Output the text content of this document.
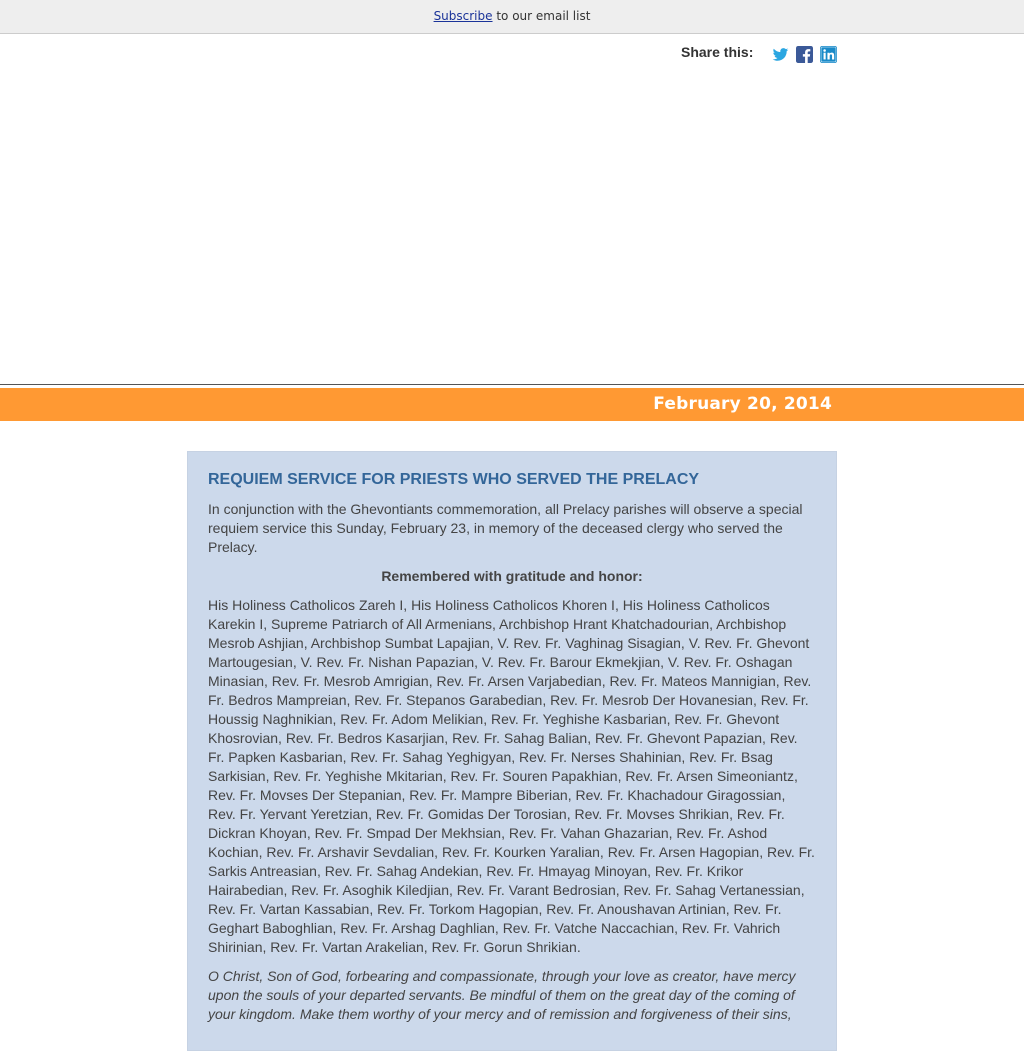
Subscribe to our email list
Share this:
February 20, 2014
REQUIEM SERVICE FOR PRIESTS WHO SERVED THE PRELACY

In conjunction with the Ghevontiants commemoration, all Prelacy parishes will observe a special requiem service this Sunday, February 23, in memory of the deceased clergy who served the Prelacy.

Remembered with gratitude and honor:

His Holiness Catholicos Zareh I, His Holiness Catholicos Khoren I, His Holiness Catholicos Karekin I, Supreme Patriarch of All Armenians, Archbishop Hrant Khatchadourian, Archbishop Mesrob Ashjian, Archbishop Sumbat Lapajian, V. Rev. Fr. Vaghinag Sisagian, V. Rev. Fr. Ghevont Martougesian, V. Rev. Fr. Nishan Papazian, V. Rev. Fr. Barour Ekmekjian, V. Rev. Fr. Oshagan Minasian, Rev. Fr. Mesrob Amrigian, Rev. Fr. Arsen Varjabedian, Rev. Fr. Mateos Mannigian, Rev. Fr. Bedros Mampreian, Rev. Fr. Stepanos Garabedian, Rev. Fr. Mesrob Der Hovanesian, Rev. Fr. Houssig Naghnikian, Rev. Fr. Adom Melikian, Rev. Fr. Yeghishe Kasbarian, Rev. Fr. Ghevont Khosrovian, Rev. Fr. Bedros Kasarjian, Rev. Fr. Sahag Balian, Rev. Fr. Ghevont Papazian, Rev. Fr. Papken Kasbarian, Rev. Fr. Sahag Yeghigyan, Rev. Fr. Nerses Shahinian, Rev. Fr. Bsag Sarkisian, Rev. Fr. Yeghishe Mkitarian, Rev. Fr. Souren Papakhian, Rev. Fr. Arsen Simeoniantz, Rev. Fr. Movses Der Stepanian, Rev. Fr. Mampre Biberian, Rev. Fr. Khachadour Giragossian, Rev. Fr. Yervant Yeretzian, Rev. Fr. Gomidas Der Torosian, Rev. Fr. Movses Shrikian, Rev. Fr. Dickran Khoyan, Rev. Fr. Smpad Der Mekhsian, Rev. Fr. Vahan Ghazarian, Rev. Fr. Ashod Kochian, Rev. Fr. Arshavir Sevdalian, Rev. Fr. Kourken Yaralian, Rev. Fr. Arsen Hagopian, Rev. Fr. Sarkis Antreasian, Rev. Fr. Sahag Andekian, Rev. Fr. Hmayag Minoyan, Rev. Fr. Krikor Hairabedian, Rev. Fr. Asoghik Kiledjian, Rev. Fr. Varant Bedrosian, Rev. Fr. Sahag Vertanessian, Rev. Fr. Vartan Kassabian, Rev. Fr. Torkom Hagopian, Rev. Fr. Anoushavan Artinian, Rev. Fr. Geghart Baboghlian, Rev. Fr. Arshag Daghlian, Rev. Fr. Vatche Naccachian, Rev. Fr. Vahrich Shirinian, Rev. Fr. Vartan Arakelian, Rev. Fr. Gorun Shrikian.

O Christ, Son of God, forbearing and compassionate, through your love as creator, have mercy upon the souls of your departed servants. Be mindful of them on the great day of the coming of your kingdom. Make them worthy of your mercy and of remission and forgiveness of their sins,
